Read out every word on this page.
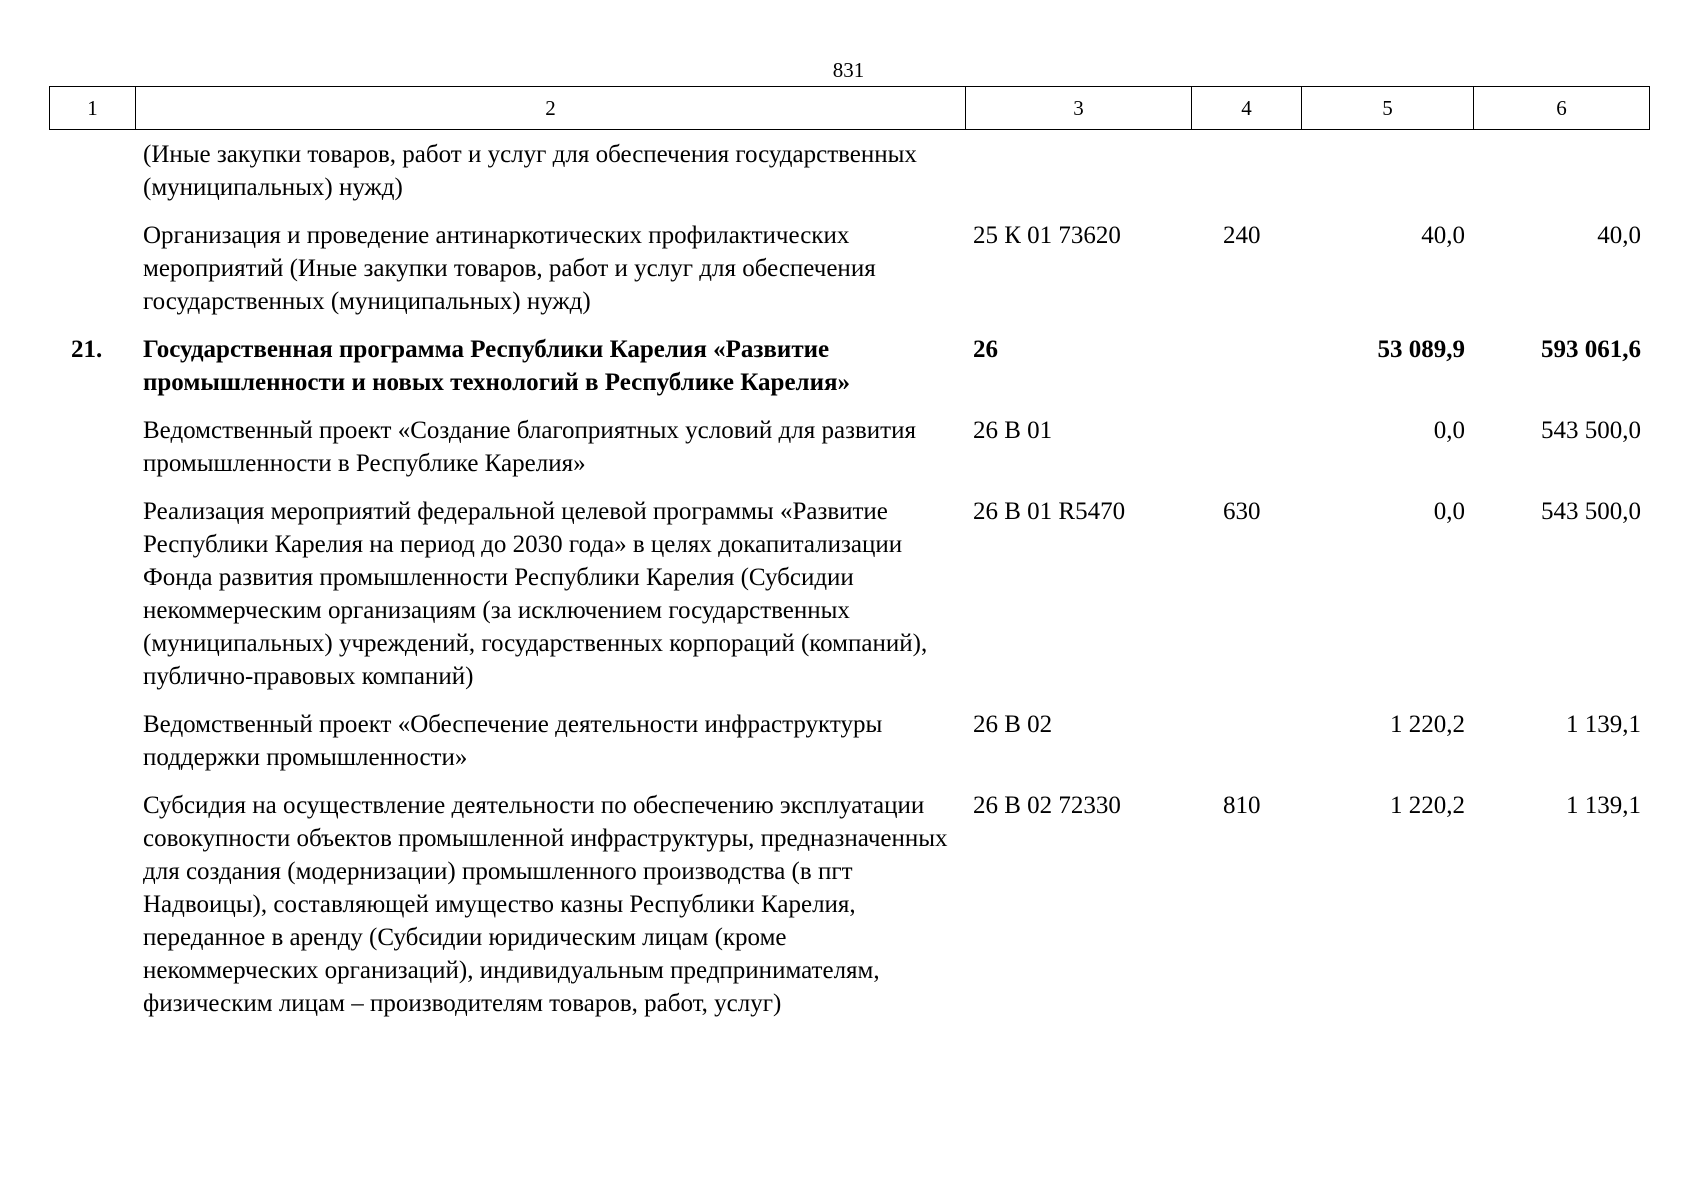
831
1	2	3	4	5	6
	(Иные закупки товаров, работ и услуг для обеспечения государственных (муниципальных) нужд)				
	Организация и проведение антинаркотических профилактических мероприятий (Иные закупки товаров, работ и услуг для обеспечения государственных (муниципальных) нужд)	25 К 01 73620	240	40,0	40,0
21.	Государственная программа Республики Карелия «Развитие промышленности и новых технологий в Республике Карелия»	26		53 089,9	593 061,6
	Ведомственный проект «Создание благоприятных условий для развития промышленности в Республике Карелия»	26 В 01		0,0	543 500,0
	Реализация мероприятий федеральной целевой программы «Развитие Республики Карелия на период до 2030 года» в целях докапитализации Фонда развития промышленности Республики Карелия (Субсидии некоммерческим организациям (за исключением государственных (муниципальных) учреждений, государственных корпораций (компаний), публично-правовых компаний)	26 В 01 R5470	630	0,0	543 500,0
	Ведомственный проект «Обеспечение деятельности инфраструктуры поддержки промышленности»	26 В 02		1 220,2	1 139,1
	Субсидия на осуществление деятельности по обеспечению эксплуатации совокупности объектов промышленной инфраструктуры, предназначенных для создания (модернизации) промышленного производства (в пгт Надвоицы), составляющей имущество казны Республики Карелия, переданное в аренду (Субсидии юридическим лицам (кроме некоммерческих организаций), индивидуальным предпринимателям, физическим лицам – производителям товаров, работ, услуг)	26 В 02 72330	810	1 220,2	1 139,1
